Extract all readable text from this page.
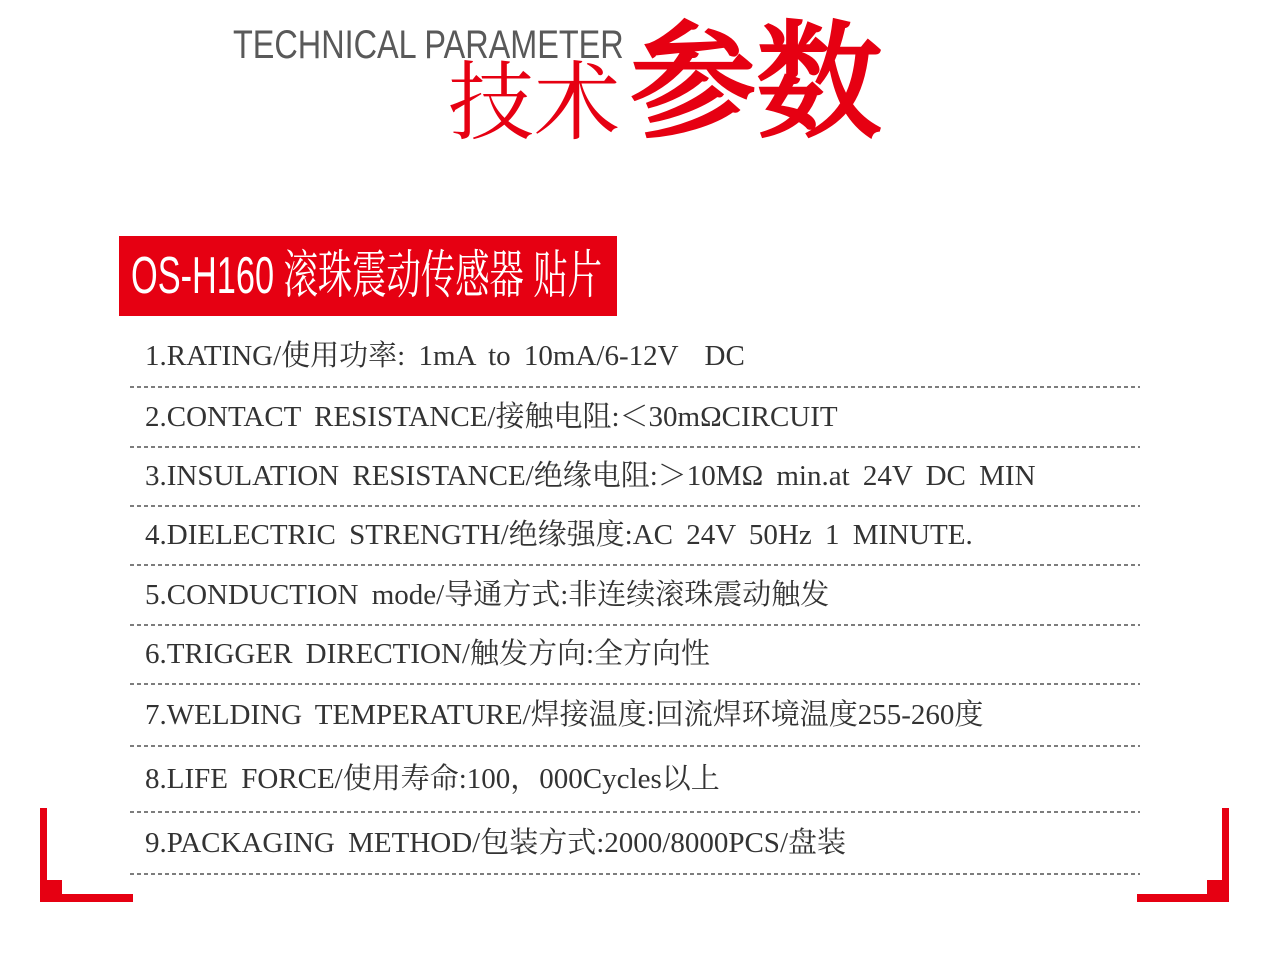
TECHNICAL PARAMETER
技术 参数
OS-H160 滚珠震动传感器 贴片
1.RATING/使用功率: 1mA to 10mA/6-12V  DC
2.CONTACT RESISTANCE/接触电阻:＜30mΩCIRCUIT
3.INSULATION RESISTANCE/绝缘电阻:＞10MΩ min.at 24V DC MIN
4.DIELECTRIC STRENGTH/绝缘强度:AC 24V 50Hz 1 MINUTE.
5.CONDUCTION mode/导通方式:非连续滚珠震动触发
6.TRIGGER DIRECTION/触发方向:全方向性
7.WELDING TEMPERATURE/焊接温度:回流焊环境温度255-260度
8.LIFE FORCE/使用寿命:100，000Cycles以上
9.PACKAGING METHOD/包装方式:2000/8000PCS/盘装
